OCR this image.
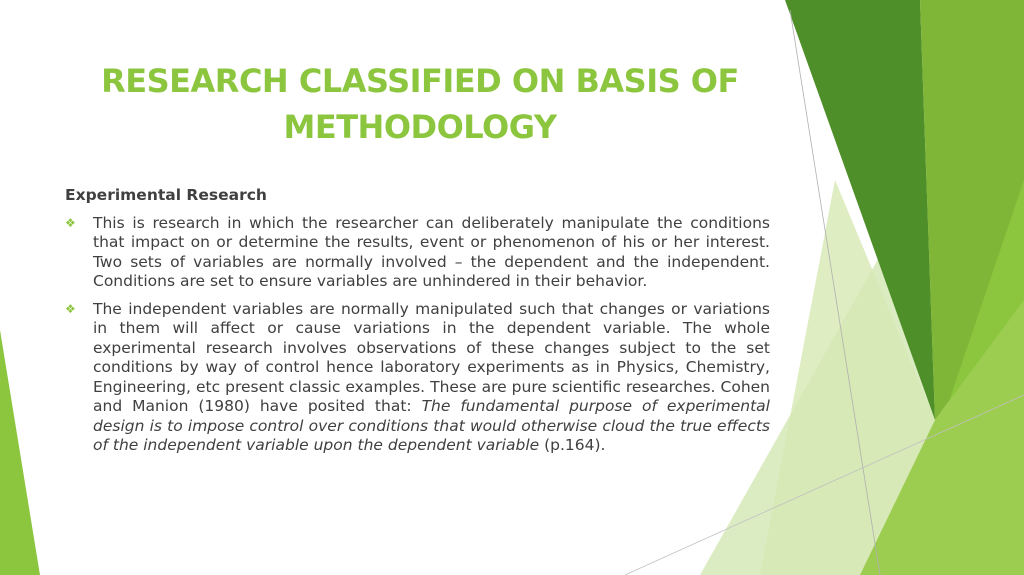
RESEARCH CLASSIFIED ON BASIS OF METHODOLOGY
Experimental Research
❖ This is research in which the researcher can deliberately manipulate the conditions that impact on or determine the results, event or phenomenon of his or her interest. Two sets of variables are normally involved – the dependent and the independent. Conditions are set to ensure variables are unhindered in their behavior.
❖ The independent variables are normally manipulated such that changes or variations in them will affect or cause variations in the dependent variable. The whole experimental research involves observations of these changes subject to the set conditions by way of control hence laboratory experiments as in Physics, Chemistry, Engineering, etc present classic examples. These are pure scientific researches. Cohen and Manion (1980) have posited that: The fundamental purpose of experimental design is to impose control over conditions that would otherwise cloud the true effects of the independent variable upon the dependent variable (p.164).
